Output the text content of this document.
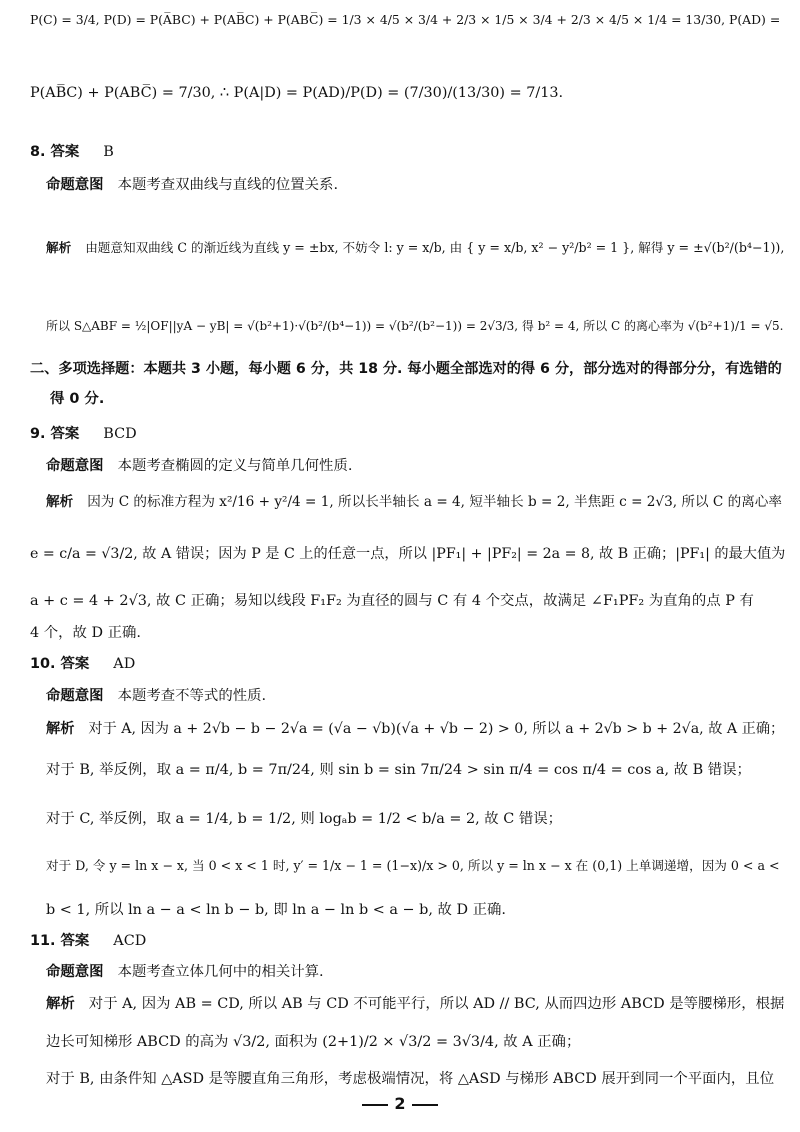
P(C) = 3/4, P(D) = P(A̅BC) + P(AB̅C) + P(ABC̅) = 1/3 × 4/5 × 3/4 + 2/3 × 1/5 × 3/4 + 2/3 × 4/5 × 1/4 = 13/30, P(AD) =
P(AB̅C) + P(ABC̅) = 7/30, ∴ P(A|D) = P(AD)/P(D) = (7/30)/(13/30) = 7/13.
8. 答案 B
命题意图 本题考查双曲线与直线的位置关系.
解析 由题意知双曲线 C 的渐近线为直线 y = ±bx, 不妨令 l: y = x/b, 由 { y = x/b, x² − y²/b² = 1 }, 解得 y = ±√(b²/(b⁴−1)),
所以 S△ABF = ½|OF||yA − yB| = √(b²+1)·√(b²/(b⁴−1)) = √(b²/(b²−1)) = 2√3/3, 得 b² = 4, 所以 C 的离心率为 √(b²+1)/1 = √5.
二、多项选择题：本题共 3 小题，每小题 6 分，共 18 分. 每小题全部选对的得 6 分，部分选对的得部分分，有选错的
得 0 分.
9. 答案 BCD
命题意图 本题考查椭圆的定义与简单几何性质.
解析 因为 C 的标准方程为 x²/16 + y²/4 = 1, 所以长半轴长 a = 4, 短半轴长 b = 2, 半焦距 c = 2√3, 所以 C 的离心率
e = c/a = √3/2, 故 A 错误；因为 P 是 C 上的任意一点，所以 |PF₁| + |PF₂| = 2a = 8, 故 B 正确；|PF₁| 的最大值为
a + c = 4 + 2√3, 故 C 正确；易知以线段 F₁F₂ 为直径的圆与 C 有 4 个交点，故满足 ∠F₁PF₂ 为直角的点 P 有
4 个，故 D 正确.
10. 答案 AD
命题意图 本题考查不等式的性质.
解析 对于 A, 因为 a + 2√b − b − 2√a = (√a − √b)(√a + √b − 2) > 0, 所以 a + 2√b > b + 2√a, 故 A 正确；
对于 B, 举反例，取 a = π/4, b = 7π/24, 则 sin b = sin 7π/24 > sin π/4 = cos π/4 = cos a, 故 B 错误；
对于 C, 举反例，取 a = 1/4, b = 1/2, 则 logₐb = 1/2 < b/a = 2, 故 C 错误；
对于 D, 令 y = ln x − x, 当 0 < x < 1 时, y′ = 1/x − 1 = (1−x)/x > 0, 所以 y = ln x − x 在 (0,1) 上单调递增，因为 0 < a <
b < 1, 所以 ln a − a < ln b − b, 即 ln a − ln b < a − b, 故 D 正确.
11. 答案 ACD
命题意图 本题考查立体几何中的相关计算.
解析 对于 A, 因为 AB = CD, 所以 AB 与 CD 不可能平行，所以 AD // BC, 从而四边形 ABCD 是等腰梯形，根据
边长可知梯形 ABCD 的高为 √3/2, 面积为 (2+1)/2 × √3/2 = 3√3/4, 故 A 正确；
对于 B, 由条件知 △ASD 是等腰直角三角形，考虑极端情况，将 △ASD 与梯形 ABCD 展开到同一个平面内，且位
2
